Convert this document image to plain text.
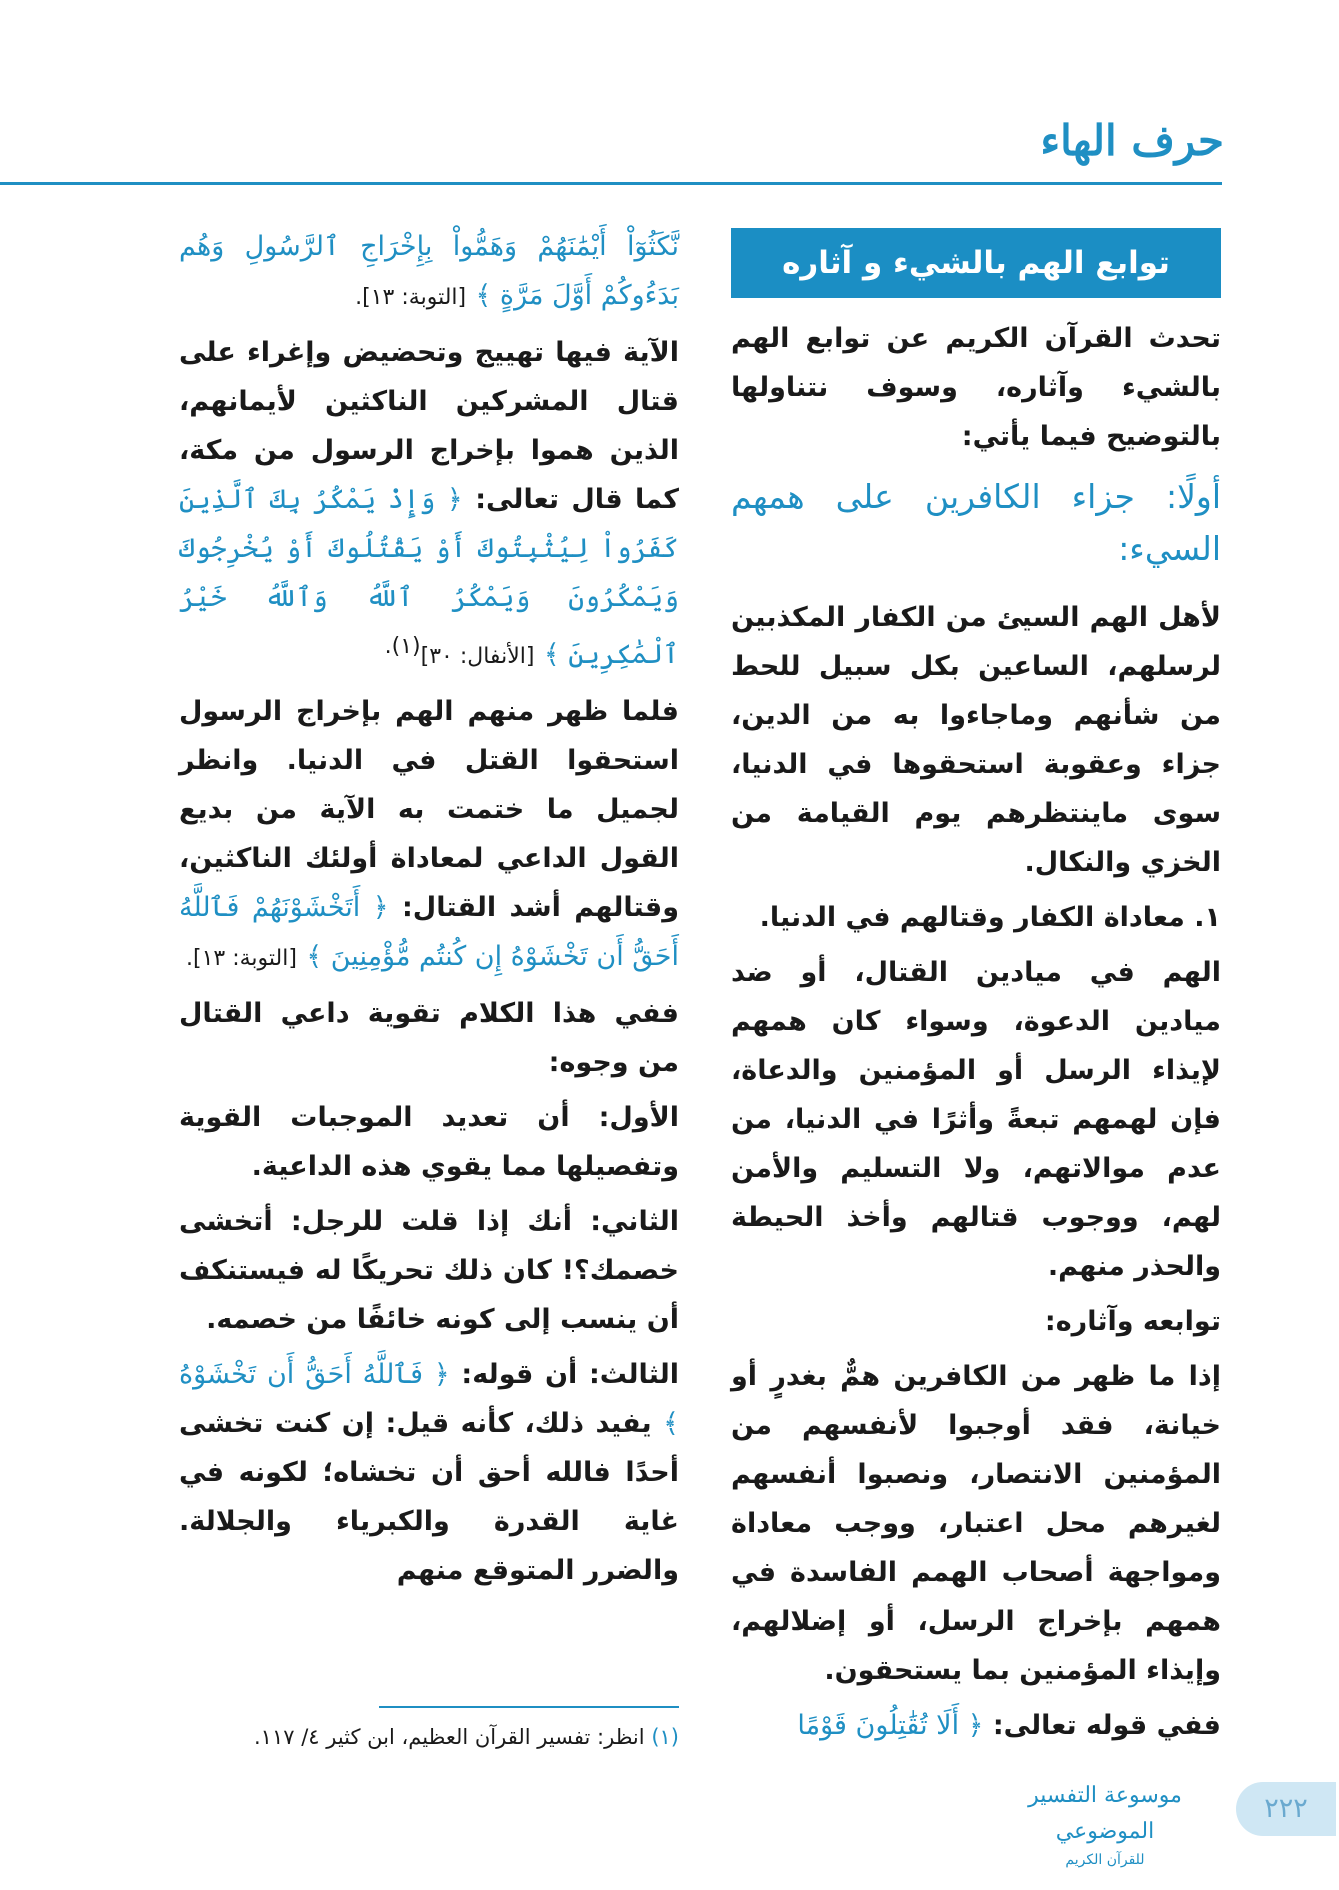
حرف الهاء
توابع الهم بالشيء و آثاره

تحدث القرآن الكريم عن توابع الهم بالشيء وآثاره، وسوف نتناولها بالتوضيح فيما يأتي:

أولًا: جزاء الكافرين على همهم السيء:

لأهل الهم السيئ من الكفار المكذبين لرسلهم، الساعين بكل سبيل للحط من شأنهم وماجاءوا به من الدين، جزاء وعقوبة استحقوها في الدنيا، سوى ماينتظرهم يوم القيامة من الخزي والنكال.

١. معاداة الكفار وقتالهم في الدنيا.

الهم في ميادين القتال، أو ضد ميادين الدعوة، وسواء كان همهم لإيذاء الرسل أو المؤمنين والدعاة، فإن لهمهم تبعةً وأثرًا في الدنيا، من عدم موالاتهم، ولا التسليم والأمن لهم، ووجوب قتالهم وأخذ الحيطة والحذر منهم.

توابعه وآثاره:

إذا ما ظهر من الكافرين همٌّ بغدرٍ أو خيانة، فقد أوجبوا لأنفسهم من المؤمنين الانتصار، ونصبوا أنفسهم لغيرهم محل اعتبار، ووجب معاداة ومواجهة أصحاب الهمم الفاسدة في همهم بإخراج الرسل، أو إضلالهم، وإيذاء المؤمنين بما يستحقون.

ففي قوله تعالى: ﴿ أَلَا تُقَٰتِلُونَ قَوْمًا

نَّكَثُوٓاْ أَيْمَٰنَهُمْ وَهَمُّواْ بِإِخْرَاجِ ٱلرَّسُولِ وَهُم بَدَءُوكُمْ أَوَّلَ مَرَّةٍ ﴾ [التوبة: ١٣].

الآية فيها تهييج وتحضيض وإغراء على قتال المشركين الناكثين لأيمانهم، الذين هموا بإخراج الرسول من مكة، كما قال تعالى: ﴿ وَإِذْ يَمْكُرُ بِكَ ٱلَّذِينَ كَفَرُواْ لِيُثْبِتُوكَ أَوْ يَقْتُلُوكَ أَوْ يُخْرِجُوكَ وَيَمْكُرُونَ وَيَمْكُرُ ٱللَّهُ وَٱللَّهُ خَيْرُ ٱلْمَٰكِرِينَ ﴾ [الأنفال: ٣٠]$^{(١).}$

فلما ظهر منهم الهم بإخراج الرسول استحقوا القتل في الدنيا. وانظر لجميل ما ختمت به الآية من بديع القول الداعي لمعاداة أولئك الناكثين، وقتالهم أشد القتال: ﴿ أَتَخْشَوْنَهُمْ فَٱللَّهُ أَحَقُّ أَن تَخْشَوْهُ إِن كُنتُم مُّؤْمِنِينَ ﴾ [التوبة: ١٣].

ففي هذا الكلام تقوية داعي القتال من وجوه:

الأول: أن تعديد الموجبات القوية وتفصيلها مما يقوي هذه الداعية.

الثاني: أنك إذا قلت للرجل: أتخشى خصمك؟! كان ذلك تحريكًا له فيستنكف أن ينسب إلى كونه خائفًا من خصمه.

الثالث: أن قوله: ﴿ فَٱللَّهُ أَحَقُّ أَن تَخْشَوْهُ ﴾ يفيد ذلك، كأنه قيل: إن كنت تخشى أحدًا فالله أحق أن تخشاه؛ لكونه في غاية القدرة والكبرياء والجلالة. والضرر المتوقع منهم

(١) انظر: تفسير القرآن العظيم، ابن كثير ٤/ ١١٧.

٢٢٢
موسوعة التفسير الموضوعي
للقرآن الكريم
